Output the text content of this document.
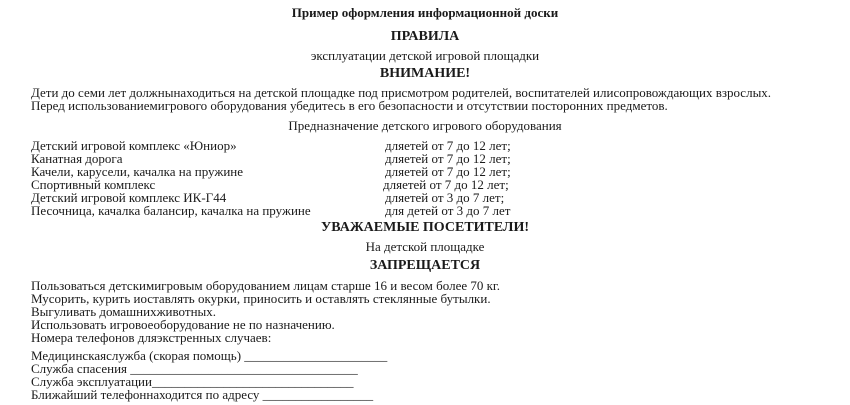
Пример оформления информационной доски
ПРАВИЛА
эксплуатации детской игровой площадки
ВНИМАНИЕ!
Дети до семи лет должнынаходиться на детской площадке под присмотром родителей, воспитателей илисопровождающих взрослых.
Перед использованиемигрового оборудования убедитесь в его безопасности и отсутствии посторонних предметов.
Предназначение детского игрового оборудования
Детский игровой комплекс «Юниор»	дляетей от 7 до 12 лет;
Канатная дорога	дляетей от 7 до 12 лет;
Качели, карусели, качалка на пружине	дляетей от 7 до 12 лет;
Спортивный комплекс	дляетей от 7 до 12 лет;
Детский игровой комплекс ИК-Г44	дляетей от 3 до 7 лет;
Песочница, качалка балансир, качалка на пружине	для детей от 3 до 7 лет
УВАЖАЕМЫЕ ПОСЕТИТЕЛИ!
На детской площадке
ЗАПРЕЩАЕТСЯ
Пользоваться детскимигровым оборудованием лицам старше 16 и весом более 70 кг.
Мусорить, курить иоставлять окурки, приносить и оставлять стеклянные бутылки.
Выгуливать домашнихживотных.
Использовать игровоеоборудование не по назначению.
Номера телефонов дляэкстренных случаев:
Медицинскаяслужба (скорая помощь) ______________________
Служба спасения ___________________________________
Служба эксплуатации_______________________________
Ближайший телефоннаходится по адресу _________________
